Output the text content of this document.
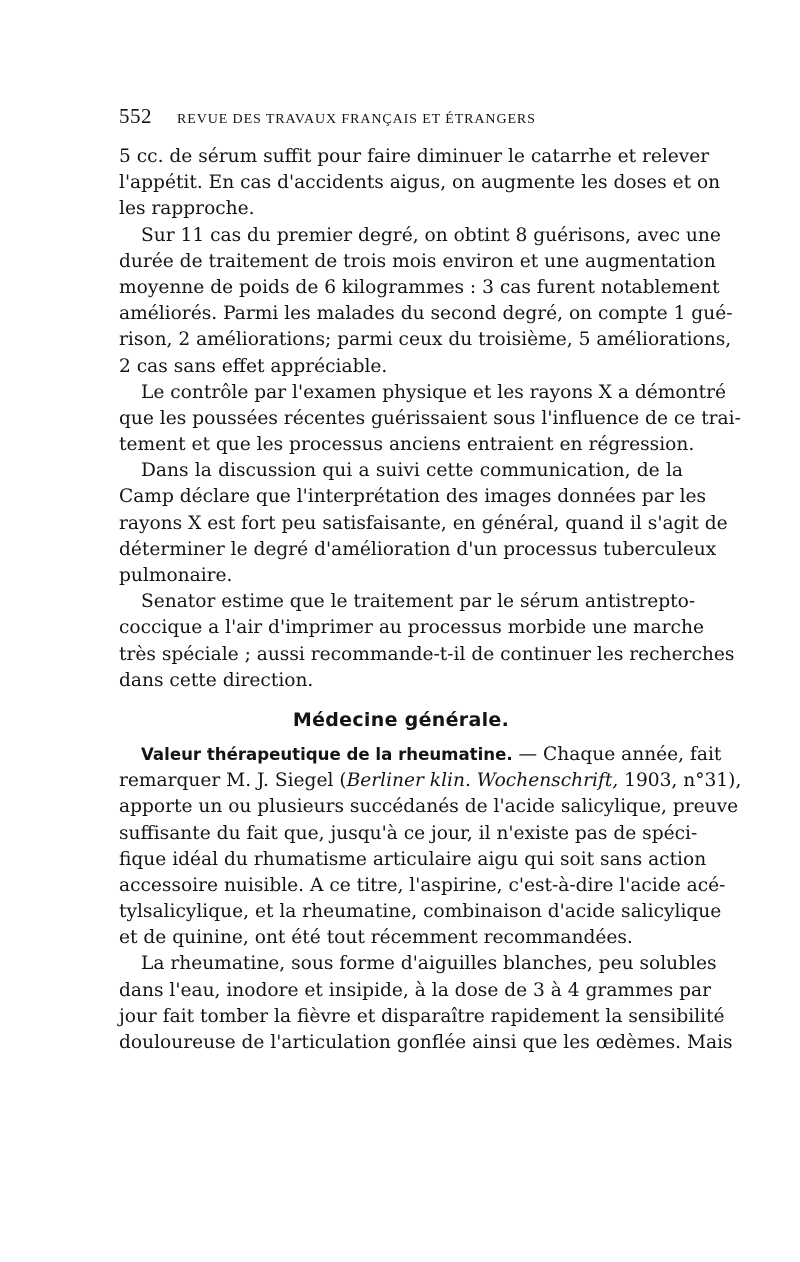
552	REVUE DES TRAVAUX FRANÇAIS ET ÉTRANGERS
5 cc. de sérum suffit pour faire diminuer le catarrhe et relever
l'appétit. En cas d'accidents aigus, on augmente les doses et on
les rapproche.
Sur 11 cas du premier degré, on obtint 8 guérisons, avec une
durée de traitement de trois mois environ et une augmentation
moyenne de poids de 6 kilogrammes : 3 cas furent notablement
améliorés. Parmi les malades du second degré, on compte 1 gué-
rison, 2 améliorations; parmi ceux du troisième, 5 améliorations,
2 cas sans effet appréciable.
Le contrôle par l'examen physique et les rayons X a démontré
que les poussées récentes guérissaient sous l'influence de ce trai-
tement et que les processus anciens entraient en régression.
Dans la discussion qui a suivi cette communication, de la
Camp déclare que l'interprétation des images données par les
rayons X est fort peu satisfaisante, en général, quand il s'agit de
déterminer le degré d'amélioration d'un processus tuberculeux
pulmonaire.
Senator estime que le traitement par le sérum antistrepto-
coccique a l'air d'imprimer au processus morbide une marche
très spéciale ; aussi recommande-t-il de continuer les recherches
dans cette direction.
Médecine générale.
Valeur thérapeutique de la rheumatine. — Chaque année, fait
remarquer M. J. Siegel (Berliner klin. Wochenschrift, 1903, n°31),
apporte un ou plusieurs succédanés de l'acide salicylique, preuve
suffisante du fait que, jusqu'à ce jour, il n'existe pas de spéci-
fique idéal du rhumatisme articulaire aigu qui soit sans action
accessoire nuisible. A ce titre, l'aspirine, c'est-à-dire l'acide acé-
tylsalicylique, et la rheumatine, combinaison d'acide salicylique
et de quinine, ont été tout récemment recommandées.
La rheumatine, sous forme d'aiguilles blanches, peu solubles
dans l'eau, inodore et insipide, à la dose de 3 à 4 grammes par
jour fait tomber la fièvre et disparaître rapidement la sensibilité
douloureuse de l'articulation gonflée ainsi que les œdèmes. Mais
